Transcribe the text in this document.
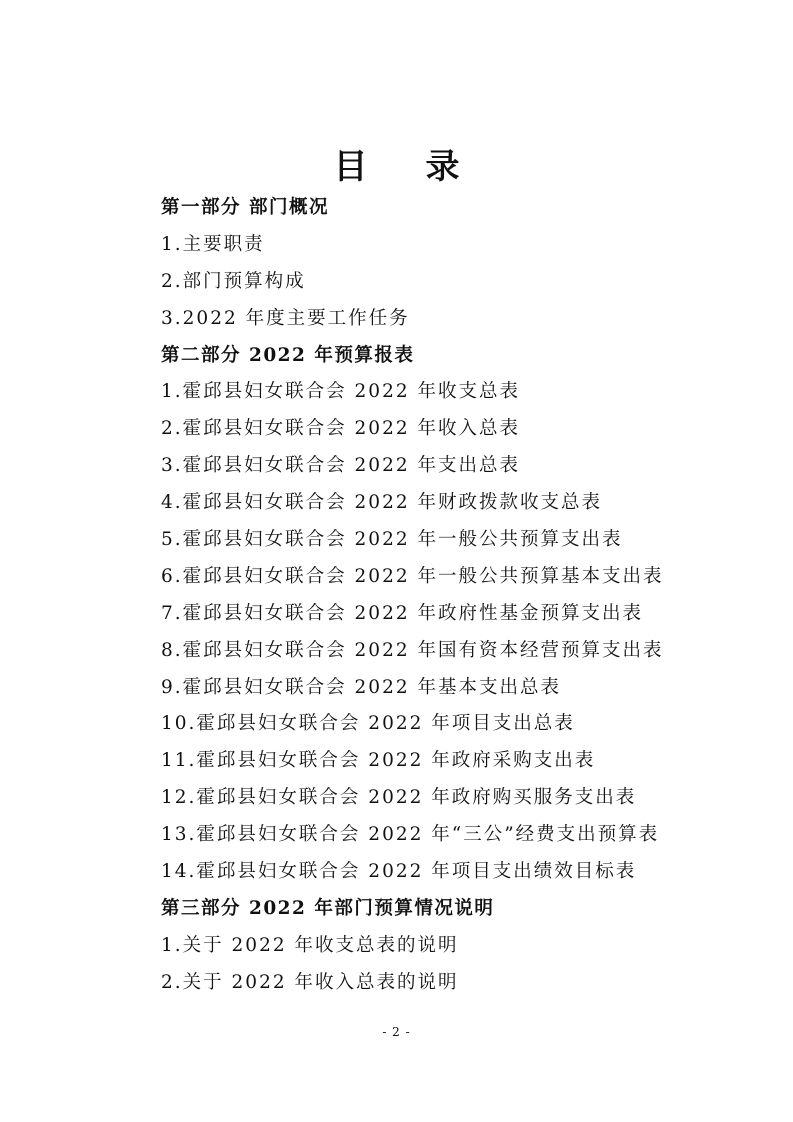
目 录
第一部分 部门概况
1.主要职责
2.部门预算构成
3.2022 年度主要工作任务
第二部分 2022 年预算报表
1.霍邱县妇女联合会 2022 年收支总表
2.霍邱县妇女联合会 2022 年收入总表
3.霍邱县妇女联合会 2022 年支出总表
4.霍邱县妇女联合会 2022 年财政拨款收支总表
5.霍邱县妇女联合会 2022 年一般公共预算支出表
6.霍邱县妇女联合会 2022 年一般公共预算基本支出表
7.霍邱县妇女联合会 2022 年政府性基金预算支出表
8.霍邱县妇女联合会 2022 年国有资本经营预算支出表
9.霍邱县妇女联合会 2022 年基本支出总表
10.霍邱县妇女联合会 2022 年项目支出总表
11.霍邱县妇女联合会 2022 年政府采购支出表
12.霍邱县妇女联合会 2022 年政府购买服务支出表
13.霍邱县妇女联合会 2022 年“三公”经费支出预算表
14.霍邱县妇女联合会 2022 年项目支出绩效目标表
第三部分 2022 年部门预算情况说明
1.关于 2022 年收支总表的说明
2.关于 2022 年收入总表的说明
- 2 -
